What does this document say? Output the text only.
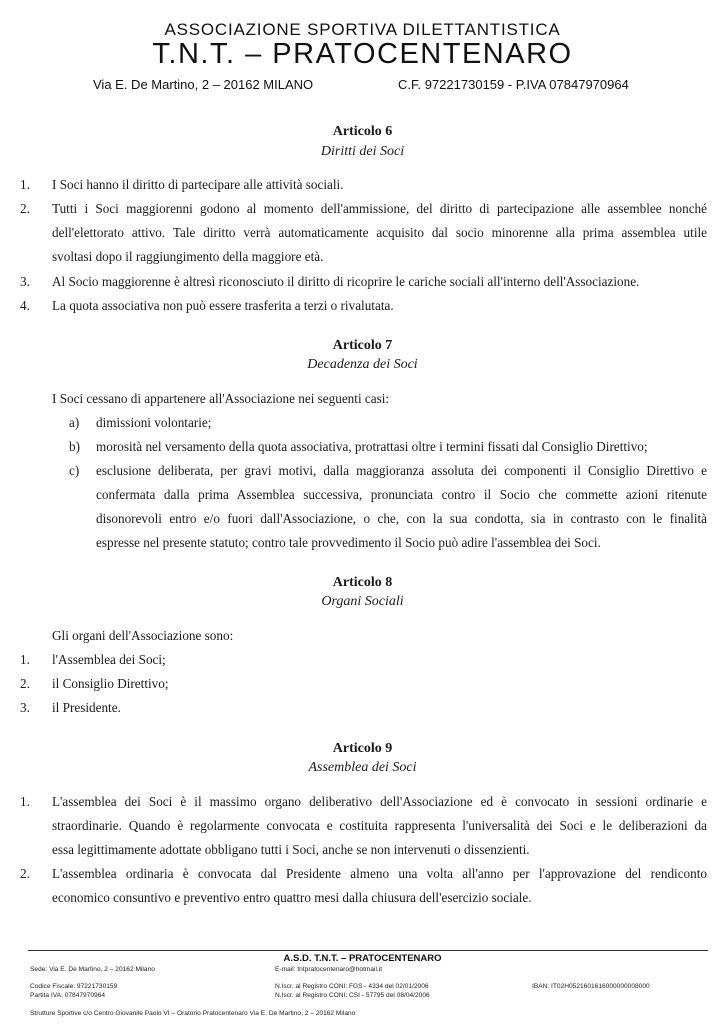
ASSOCIAZIONE SPORTIVA DILETTANTISTICA
T.N.T. – PRATOCENTENARO
Via E. De Martino, 2 – 20162 MILANO	C.F. 97221730159 - P.IVA 07847970964
Articolo 6
Diritti dei Soci
1.	I Soci hanno il diritto di partecipare alle attività sociali.
2.	Tutti i Soci maggiorenni godono al momento dell'ammissione, del diritto di partecipazione alle assemblee nonché
dell'elettorato attivo. Tale diritto verrà automaticamente acquisito dal socio minorenne alla prima assemblea utile
svoltasi dopo il raggiungimento della maggiore età.
3.	Al Socio maggiorenne è altresì riconosciuto il diritto di ricoprire le cariche sociali all'interno dell'Associazione.
4.	La quota associativa non può essere trasferita a terzi o rivalutata.
Articolo 7
Decadenza dei Soci
I Soci cessano di appartenere all'Associazione nei seguenti casi:
a)	dimissioni volontarie;
b)	morosità nel versamento della quota associativa, protrattasi oltre i termini fissati dal Consiglio Direttivo;
c)	esclusione deliberata, per gravi motivi, dalla maggioranza assoluta dei componenti il Consiglio Direttivo e
confermata dalla prima Assemblea successiva, pronunciata contro il Socio che commette azioni ritenute
disonorevoli entro e/o fuori dall'Associazione, o che, con la sua condotta, sia in contrasto con le finalità
espresse nel presente statuto; contro tale provvedimento il Socio può adire l'assemblea dei Soci.
Articolo 8
Organi Sociali
Gli organi dell'Associazione sono:
1.	l'Assemblea dei Soci;
2.	il Consiglio Direttivo;
3.	il Presidente.
Articolo 9
Assemblea dei Soci
1.	L'assemblea dei Soci è il massimo organo deliberativo dell'Associazione ed è convocato in sessioni ordinarie e
straordinarie. Quando è regolarmente convocata e costituita rappresenta l'universalità dei Soci e le deliberazioni da
essa legittimamente adottate obbligano tutti i Soci, anche se non intervenuti o dissenzienti.
2.	L'assemblea ordinaria è convocata dal Presidente almeno una volta all'anno per l'approvazione del rendiconto
economico consuntivo e preventivo entro quattro mesi dalla chiusura dell'esercizio sociale.
A.S.D. T.N.T. – PRATOCENTENARO
Sede: Via E. De Martino, 2 – 20162 Milano	E-mail: tntpratocentenaro@hotmail.it
Codice Fiscale: 97221730159
Partita IVA: 07847970964
N.Iscr. al Registro CONI: FGS - 4334 del 02/01/2006
N.Iscr. al Registro CONI: CSI - 57795 del 08/04/2006
IBAN: IT02H0521601616000000008000
Strutture Sportive c/o Centro Giovanile Paolo VI – Oratorio Pratocentenaro Via E. De Martino, 2 – 20162 Milano
